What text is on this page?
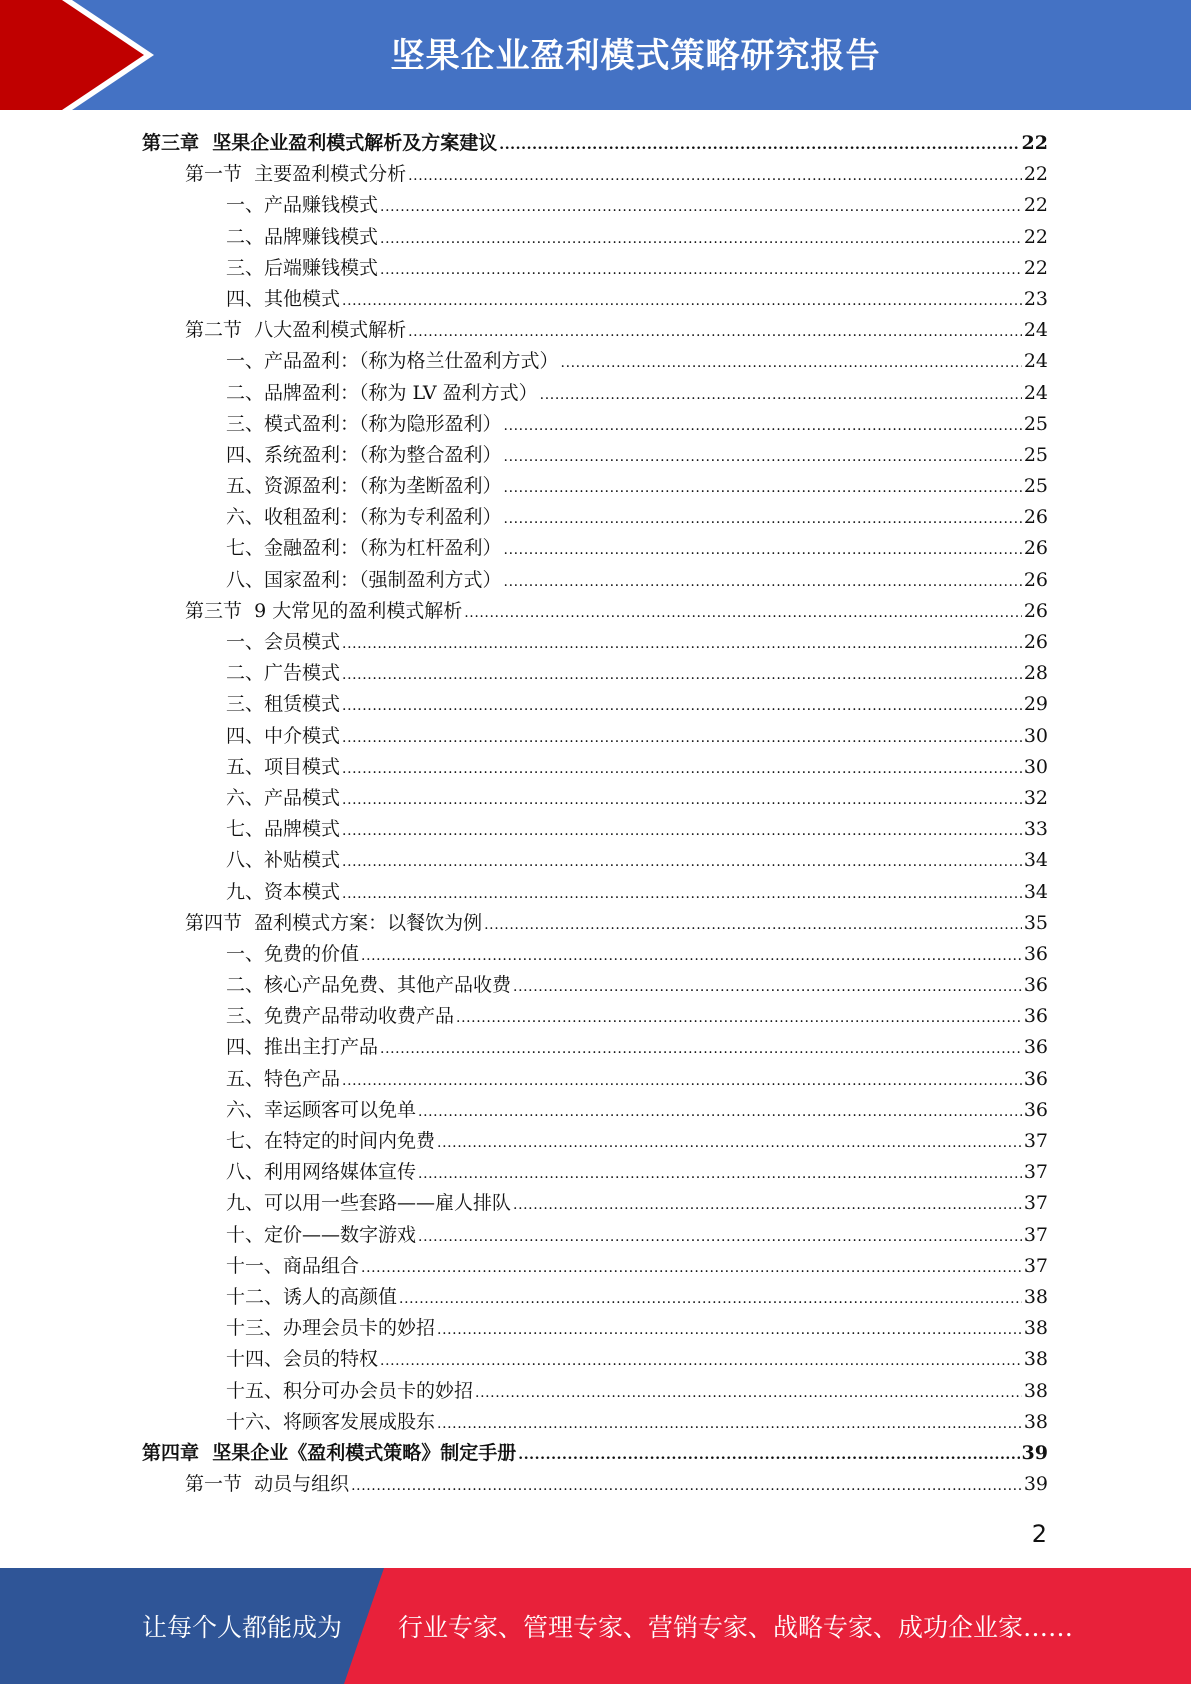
坚果企业盈利模式策略研究报告
第三章  坚果企业盈利模式解析及方案建议 .....	22
第一节  主要盈利模式分析 .....	22
一、产品赚钱模式 .....	22
二、品牌赚钱模式 .....	22
三、后端赚钱模式 .....	22
四、其他模式 .....	23
第二节  八大盈利模式解析 .....	24
一、产品盈利：（称为格兰仕盈利方式） .....	24
二、品牌盈利：（称为 LV 盈利方式） .....	24
三、模式盈利：（称为隐形盈利） .....	25
四、系统盈利：（称为整合盈利） .....	25
五、资源盈利：（称为垄断盈利） .....	25
六、收租盈利：（称为专利盈利） .....	26
七、金融盈利：（称为杠杆盈利） .....	26
八、国家盈利：（强制盈利方式） .....	26
第三节  9 大常见的盈利模式解析 .....	26
一、会员模式 .....	26
二、广告模式 .....	28
三、租赁模式 .....	29
四、中介模式 .....	30
五、项目模式 .....	30
六、产品模式 .....	32
七、品牌模式 .....	33
八、补贴模式 .....	34
九、资本模式 .....	34
第四节  盈利模式方案：以餐饮为例 .....	35
一、免费的价值 .....	36
二、核心产品免费、其他产品收费 .....	36
三、免费产品带动收费产品 .....	36
四、推出主打产品 .....	36
五、特色产品 .....	36
六、幸运顾客可以免单 .....	36
七、在特定的时间内免费 .....	37
八、利用网络媒体宣传 .....	37
九、可以用一些套路——雇人排队 .....	37
十、定价——数字游戏 .....	37
十一、商品组合 .....	37
十二、诱人的高颜值 .....	38
十三、办理会员卡的妙招 .....	38
十四、会员的特权 .....	38
十五、积分可办会员卡的妙招 .....	38
十六、将顾客发展成股东 .....	38
第四章  坚果企业《盈利模式策略》制定手册 .....	39
第一节  动员与组织 .....	39
2
让每个人都能成为 行业专家、管理专家、营销专家、战略专家、成功企业家……
